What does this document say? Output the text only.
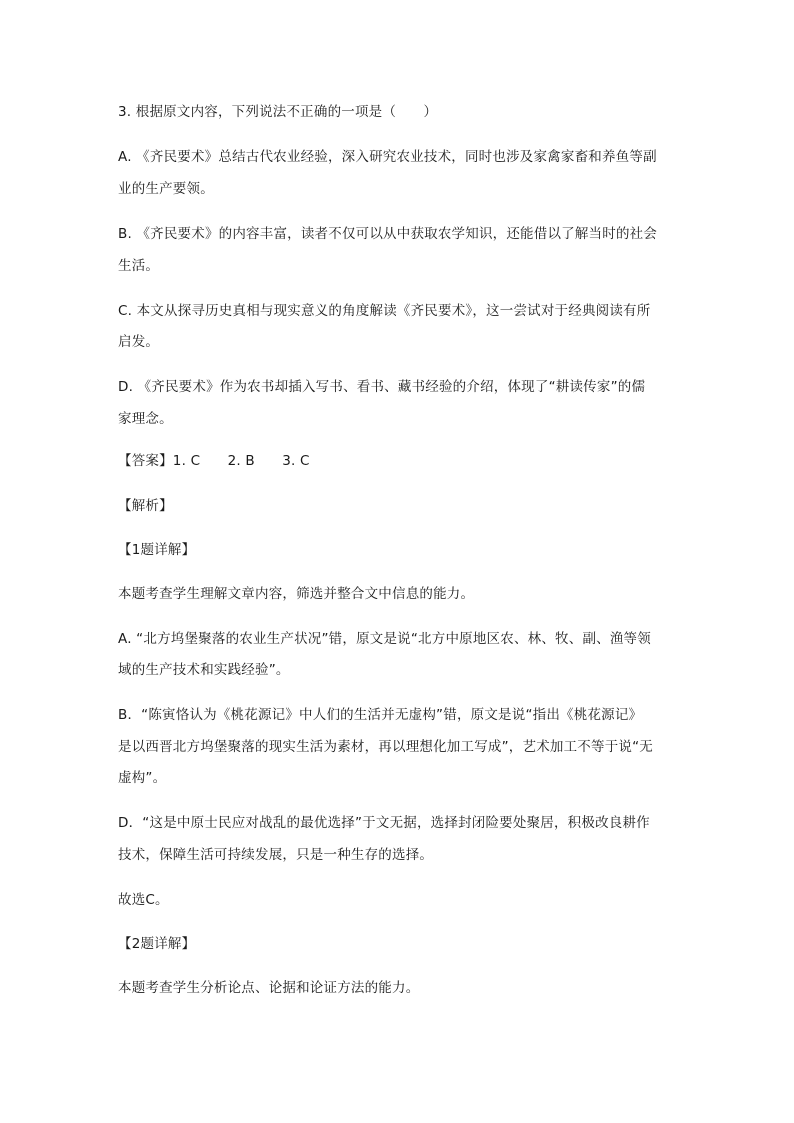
3. 根据原文内容，下列说法不正确的一项是（　　）
A. 《齐民要术》总结古代农业经验，深入研究农业技术，同时也涉及家禽家畜和养鱼等副
业的生产要领。
B. 《齐民要术》的内容丰富，读者不仅可以从中获取农学知识，还能借以了解当时的社会
生活。
C. 本文从探寻历史真相与现实意义的角度解读《齐民要术》，这一尝试对于经典阅读有所
启发。
D. 《齐民要术》作为农书却插入写书、看书、藏书经验的介绍，体现了“耕读传家”的儒
家理念。
【答案】1. C　　2. B　　3. C
【解析】
【1题详解】
本题考查学生理解文章内容，筛选并整合文中信息的能力。
A. “北方坞堡聚落的农业生产状况”错，原文是说“北方中原地区农、林、牧、副、渔等领
域的生产技术和实践经验”。
B．“陈寅恪认为《桃花源记》中人们的生活并无虚构”错，原文是说“指出《桃花源记》
是以西晋北方坞堡聚落的现实生活为素材，再以理想化加工写成”，艺术加工不等于说“无
虚构”。
D．“这是中原士民应对战乱的最优选择”于文无据，选择封闭险要处聚居，积极改良耕作
技术，保障生活可持续发展，只是一种生存的选择。
故选C。
【2题详解】
本题考查学生分析论点、论据和论证方法的能力。
